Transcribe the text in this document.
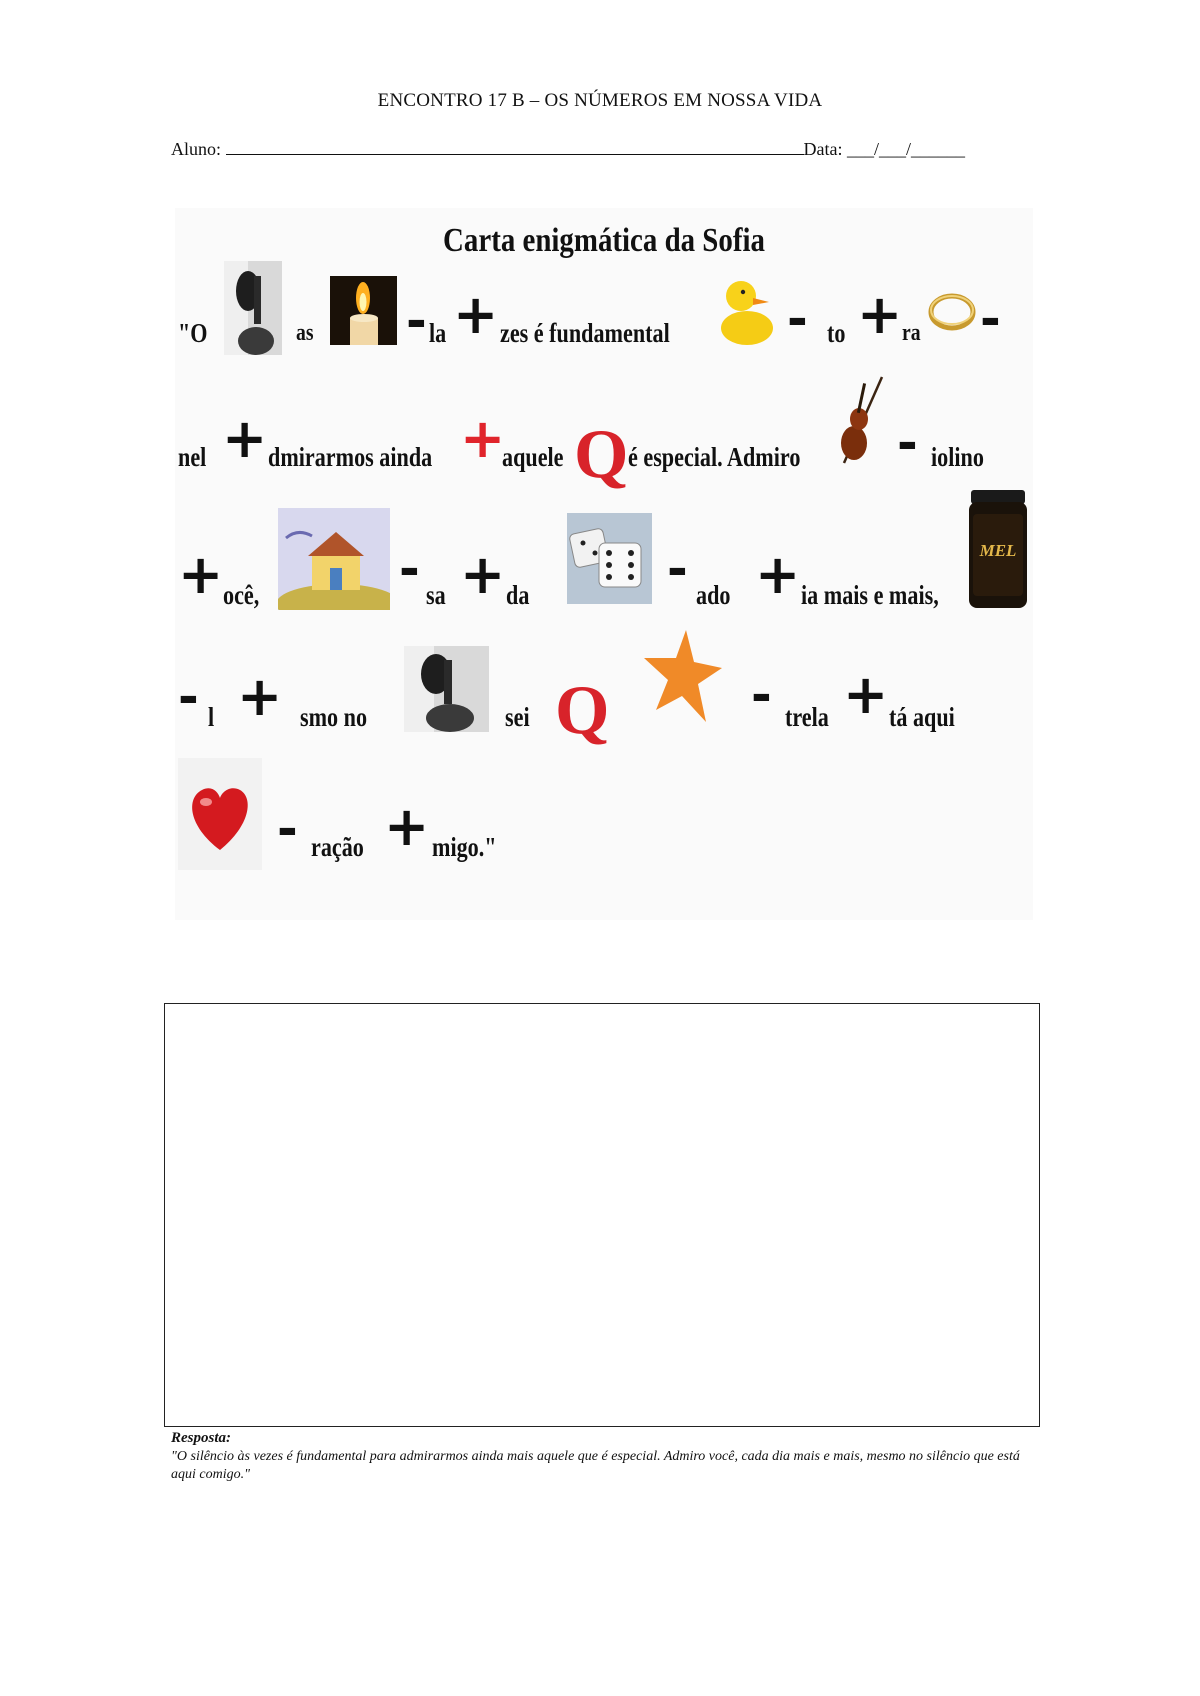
ENCONTRO 17 B – OS NÚMEROS EM NOSSA VIDA
Aluno:	Data: ___/___/______
Carta enigmática da Sofia
"O	as - la + zes é fundamental - to + ra -
nel + dmirarmos ainda +
aquele Q é especial. Admiro - iolino
+ ocê,	- sa + da	- ado + ia mais e mais,
MEL
- l + smo no	sei Q	- trela + tá aqui
- ração + migo."
Resposta:
"O silêncio às vezes é fundamental para admirarmos ainda mais aquele que é especial. Admiro você, cada dia mais e mais, mesmo no silêncio que está aqui comigo."
